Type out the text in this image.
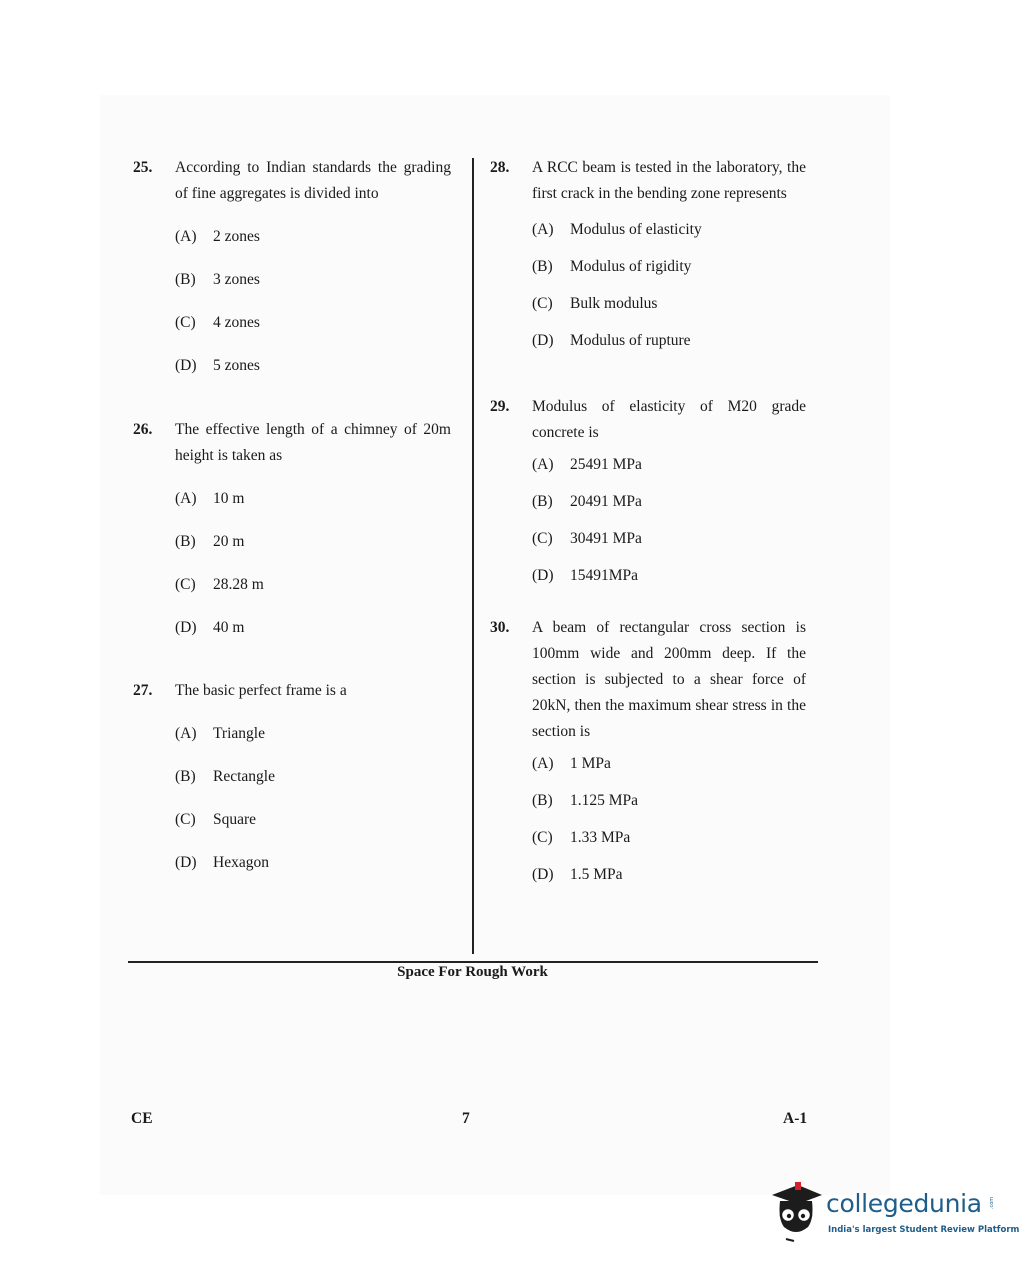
25. According to Indian standards the grading of fine aggregates is divided into
(A)	2 zones
(B)	3 zones
(C)	4 zones
(D)	5 zones
26. The effective length of a chimney of 20m height is taken as
(A)	10 m
(B)	20 m
(C)	28.28 m
(D)	40 m
27. The basic perfect frame is a
(A)	Triangle
(B)	Rectangle
(C)	Square
(D)	Hexagon
28. A RCC beam is tested in the laboratory, the first crack in the bending zone represents
(A)	Modulus of elasticity
(B)	Modulus of rigidity
(C)	Bulk modulus
(D)	Modulus of rupture
29. Modulus of elasticity of M20 grade concrete is
(A)	25491 MPa
(B)	20491 MPa
(C)	30491 MPa
(D)	15491MPa
30. A beam of rectangular cross section is 100mm wide and 200mm deep. If the section is subjected to a shear force of 20kN, then the maximum shear stress in the section is
(A)	1 MPa
(B)	1.125 MPa
(C)	1.33 MPa
(D)	1.5 MPa
Space For Rough Work
CE	7	A-1
collegedunia .com
India's largest Student Review Platform
